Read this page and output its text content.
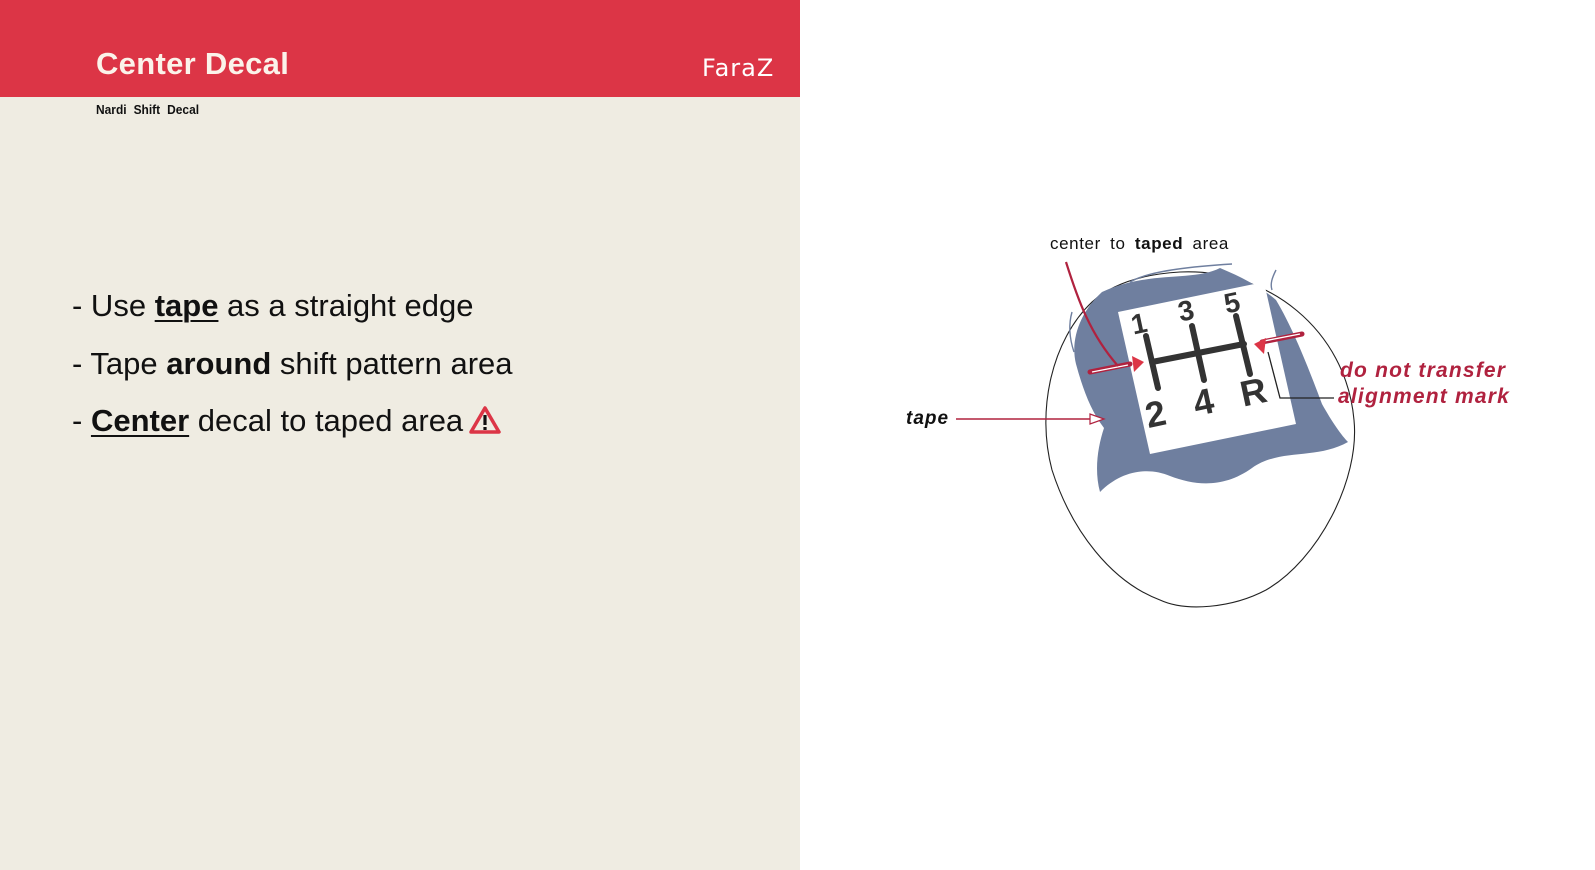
Center Decal	FaraZ
Nardi Shift Decal
- Use tape as a straight edge
- Tape around shift pattern area
- Center decal to taped area
1 3 5
2 4 R
center to taped area
tape
do not transfer
alignment mark
